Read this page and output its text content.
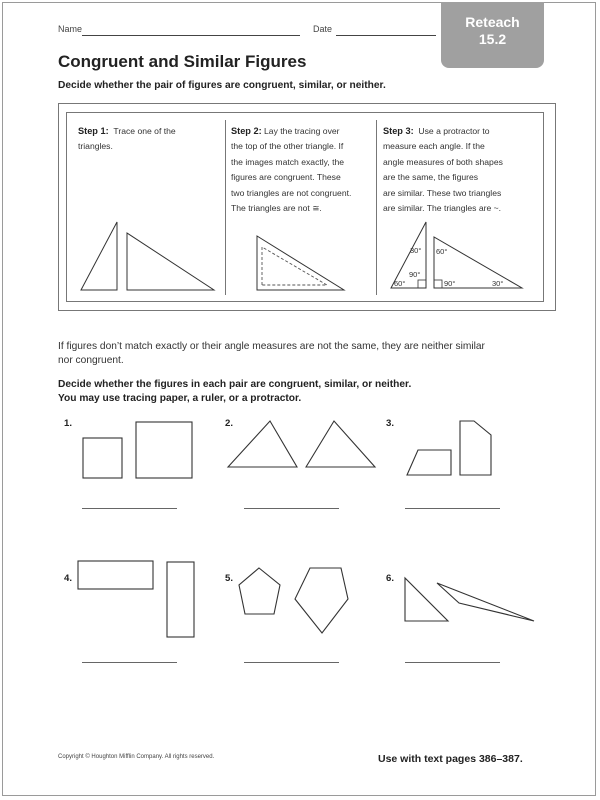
Name	Date	Reteach
15.2
Congruent and Similar Figures
Decide whether the pair of figures are congruent, similar, or neither.
Step 1: Trace one of the
triangles.
Step 2: Lay the tracing over
the top of the other triangle. If
the images match exactly, the
figures are congruent. These
two triangles are not congruent.
The triangles are not ≅.
Step 3: Use a protractor to
measure each angle. If the
angle measures of both shapes
are the same, the figures
are similar. These two triangles
are similar. The triangles are ~.
30°
90°
60°
60°
90°	30°
If figures don’t match exactly or their angle measures are not the same, they are neither similar
nor congruent.
Decide whether the figures in each pair are congruent, similar, or neither.
You may use tracing paper, a ruler, or a protractor.
1.	2.	3.
4.	5.	6.
Copyright © Houghton Mifflin Company. All rights reserved.	Use with text pages 386–387.
